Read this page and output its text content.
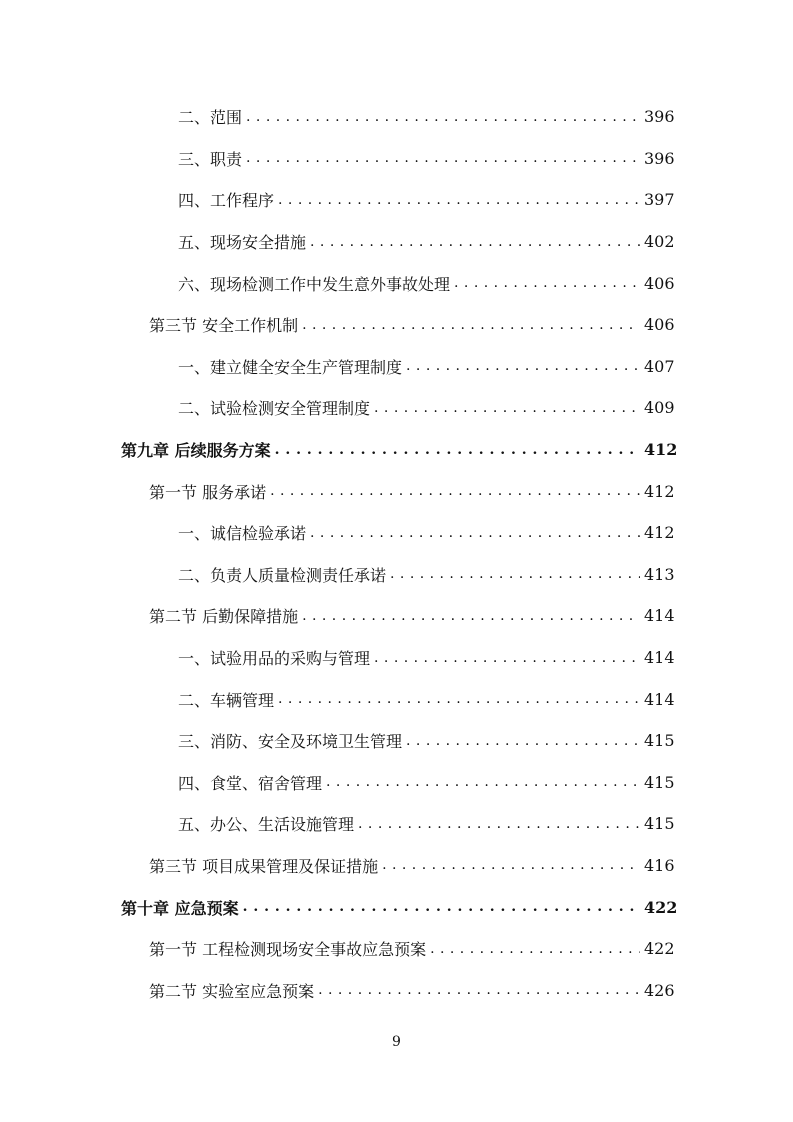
二、范围 . . .	396
三、职责 . . .	396
四、工作程序 . . .	397
五、现场安全措施 . . .	402
六、现场检测工作中发生意外事故处理 . . .	406
第三节 安全工作机制 . . .	406
一、建立健全安全生产管理制度 . . .	407
二、试验检测安全管理制度 . . .	409
第九章 后续服务方案 . . .	412
第一节 服务承诺 . . .	412
一、诚信检验承诺 . . .	412
二、负责人质量检测责任承诺 . . .	413
第二节 后勤保障措施 . . .	414
一、试验用品的采购与管理 . . .	414
二、车辆管理 . . .	414
三、消防、安全及环境卫生管理 . . .	415
四、食堂、宿舍管理 . . .	415
五、办公、生活设施管理 . . .	415
第三节 项目成果管理及保证措施 . . .	416
第十章 应急预案 . . .	422
第一节 工程检测现场安全事故应急预案 . . .	422
第二节 实验室应急预案 . . .	426
9
